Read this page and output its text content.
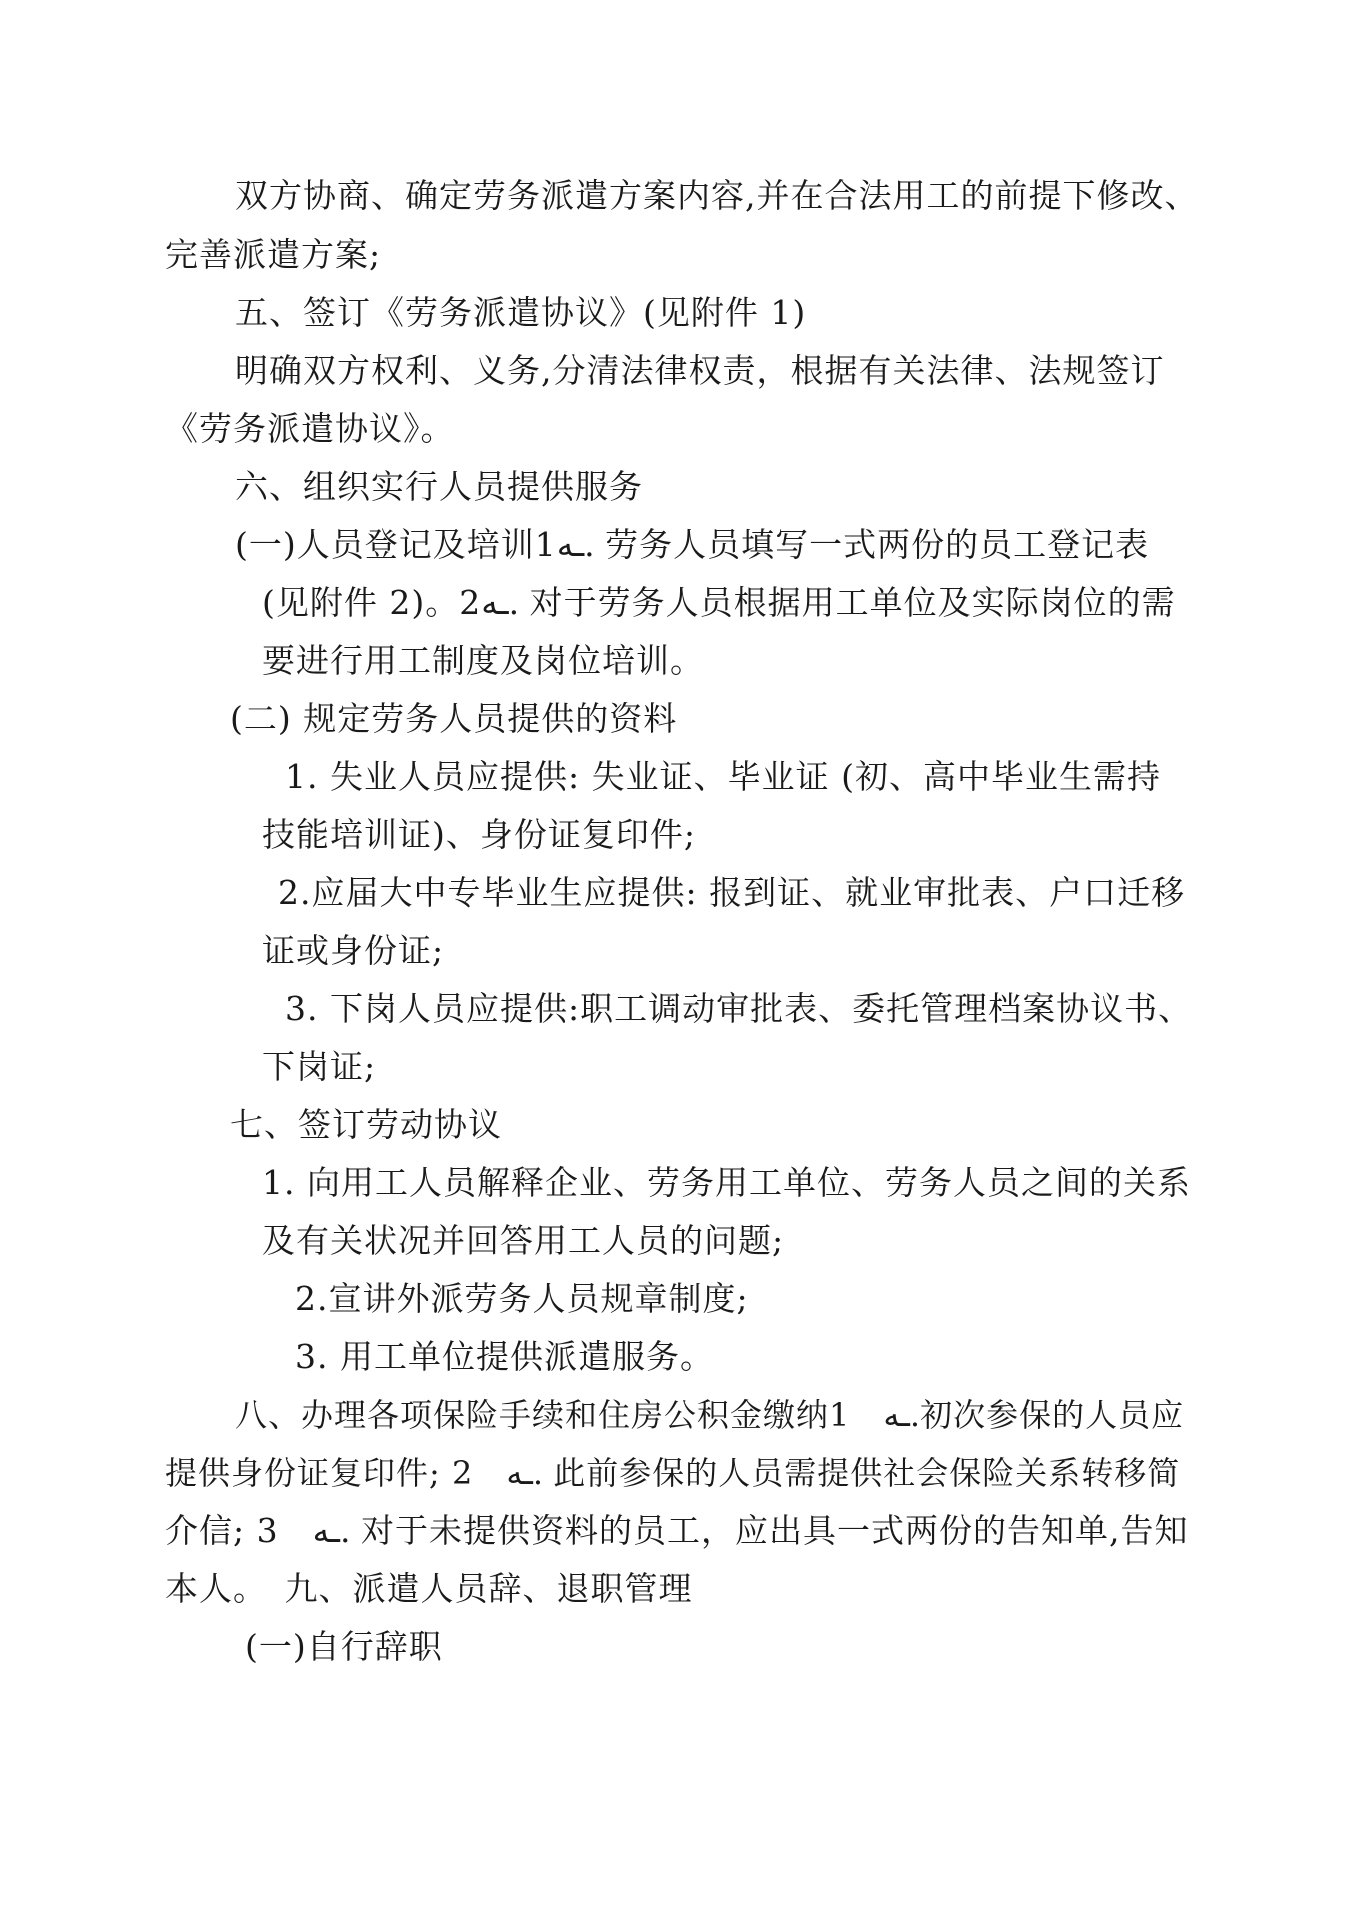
双方协商、确定劳务派遣方案内容,并在合法用工的前提下修改、
完善派遣方案;
五、签订《劳务派遣协议》(见附件 1)
明确双方权利、义务,分清法律权责，根据有关法律、法规签订
《劳务派遣协议》。
六、组织实行人员提供服务
(一)人员登记及培训1ـه. 劳务人员填写一式两份的员工登记表
(见附件 2)。2ـه. 对于劳务人员根据用工单位及实际岗位的需
要进行用工制度及岗位培训。
(二) 规定劳务人员提供的资料
1. 失业人员应提供: 失业证、毕业证 (初、高中毕业生需持
技能培训证)、身份证复印件;
2.应届大中专毕业生应提供: 报到证、就业审批表、户口迁移
证或身份证;
3. 下岗人员应提供:职工调动审批表、委托管理档案协议书、
下岗证;
七、签订劳动协议
1. 向用工人员解释企业、劳务用工单位、劳务人员之间的关系
及有关状况并回答用工人员的问题;
2.宣讲外派劳务人员规章制度;
3. 用工单位提供派遣服务。
八、办理各项保险手续和住房公积金缴纳1　ـه.初次参保的人员应
提供身份证复印件; 2　ـه. 此前参保的人员需提供社会保险关系转移简
介信; 3　ـه. 对于未提供资料的员工，应出具一式两份的告知单,告知
本人。　九、派遣人员辞、退职管理
(一)自行辞职
